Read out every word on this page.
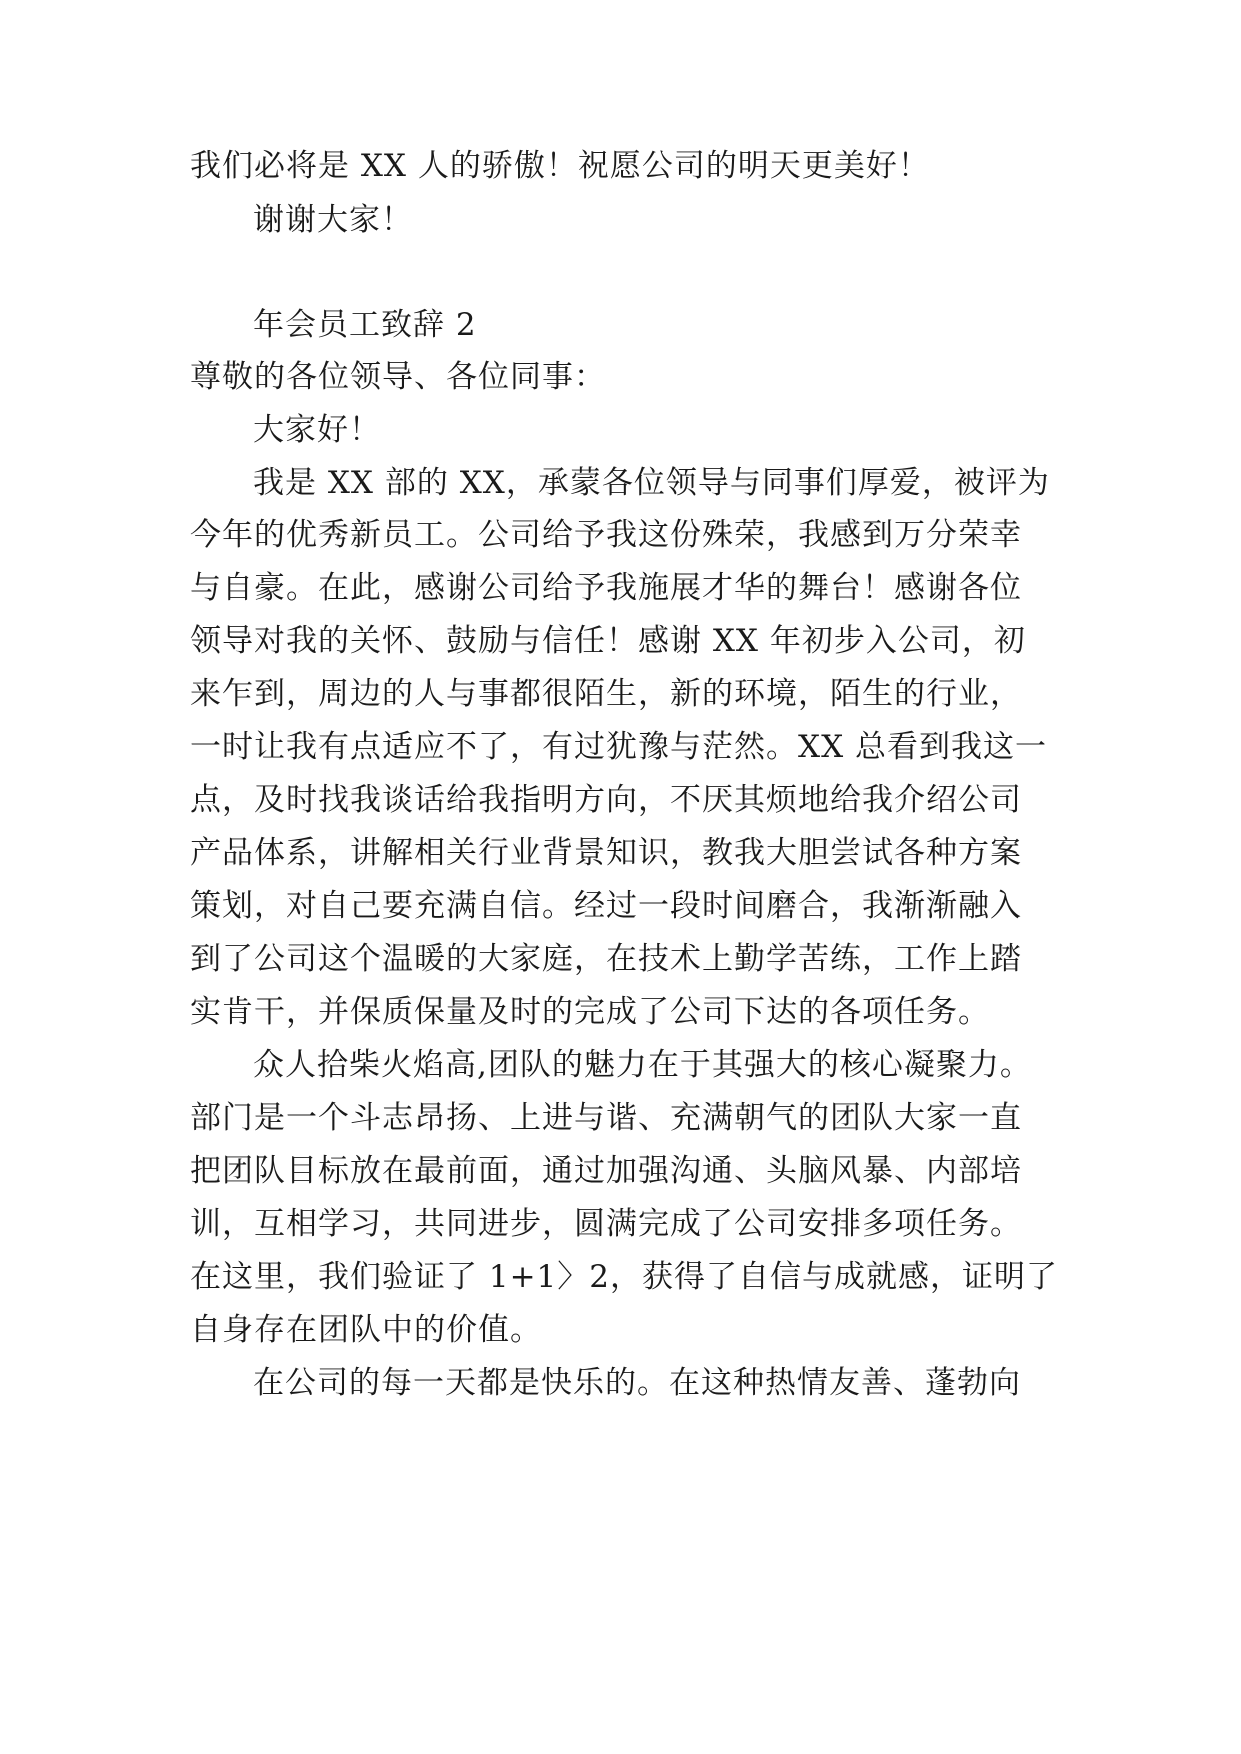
我们必将是 XX 人的骄傲！祝愿公司的明天更美好！
谢谢大家！
年会员工致辞 2
尊敬的各位领导、各位同事：
大家好！
我是 XX 部的 XX，承蒙各位领导与同事们厚爱，被评为
今年的优秀新员工。公司给予我这份殊荣，我感到万分荣幸
与自豪。在此，感谢公司给予我施展才华的舞台！感谢各位
领导对我的关怀、鼓励与信任！感谢 XX 年初步入公司，初
来乍到，周边的人与事都很陌生，新的环境，陌生的行业，
一时让我有点适应不了，有过犹豫与茫然。XX 总看到我这一
点，及时找我谈话给我指明方向，不厌其烦地给我介绍公司
产品体系，讲解相关行业背景知识，教我大胆尝试各种方案
策划，对自己要充满自信。经过一段时间磨合，我渐渐融入
到了公司这个温暖的大家庭，在技术上勤学苦练，工作上踏
实肯干，并保质保量及时的完成了公司下达的各项任务。
众人拾柴火焰高,团队的魅力在于其强大的核心凝聚力。
部门是一个斗志昂扬、上进与谐、充满朝气的团队大家一直
把团队目标放在最前面，通过加强沟通、头脑风暴、内部培
训，互相学习，共同进步，圆满完成了公司安排多项任务。
在这里，我们验证了 1+1〉2，获得了自信与成就感，证明了
自身存在团队中的价值。
在公司的每一天都是快乐的。在这种热情友善、蓬勃向
